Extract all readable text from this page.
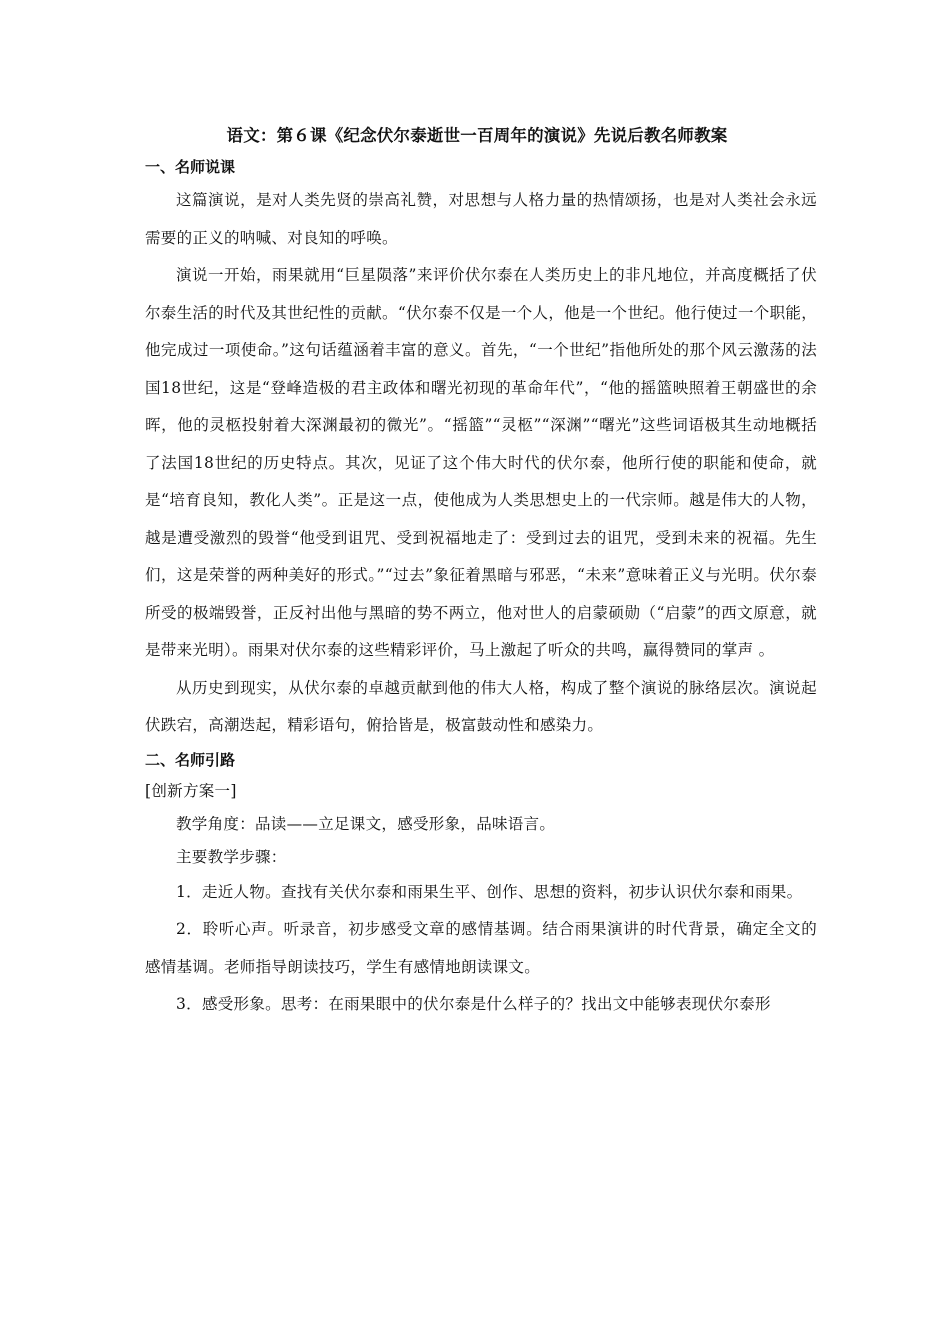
语文：第６课《纪念伏尔泰逝世一百周年的演说》先说后教名师教案
一、名师说课

这篇演说，是对人类先贤的崇高礼赞，对思想与人格力量的热情颂扬，也是对人类社会永远需要的正义的呐喊、对良知的呼唤。

演说一开始，雨果就用“巨星陨落”来评价伏尔泰在人类历史上的非凡地位，并高度概括了伏尔泰生活的时代及其世纪性的贡献。“伏尔泰不仅是一个人，他是一个世纪。他行使过一个职能，他完成过一项使命。”这句话蕴涵着丰富的意义。首先，“一个世纪”指他所处的那个风云激荡的法国18世纪，这是“登峰造极的君主政体和曙光初现的革命年代”，“他的摇篮映照着王朝盛世的余晖，他的灵柩投射着大深渊最初的微光”。“摇篮”“灵柩”“深渊”“曙光”这些词语极其生动地概括了法国18世纪的历史特点。其次，见证了这个伟大时代的伏尔泰，他所行使的职能和使命，就是“培育良知，教化人类”。正是这一点，使他成为人类思想史上的一代宗师。越是伟大的人物，越是遭受激烈的毁誉“他受到诅咒、受到祝福地走了：受到过去的诅咒，受到未来的祝福。先生们，这是荣誉的两种美好的形式。”“过去”象征着黑暗与邪恶，“未来”意味着正义与光明。伏尔泰所受的极端毁誉，正反衬出他与黑暗的势不两立，他对世人的启蒙硕勋（“启蒙”的西文原意，就是带来光明）。雨果对伏尔泰的这些精彩评价，马上激起了听众的共鸣，赢得赞同的掌声 。

从历史到现实，从伏尔泰的卓越贡献到他的伟大人格，构成了整个演说的脉络层次。演说起伏跌宕，高潮迭起，精彩语句，俯拾皆是，极富鼓动性和感染力。

二、名师引路

[创新方案一]

教学角度：品读——立足课文，感受形象，品味语言。

主要教学步骤：

1．走近人物。查找有关伏尔泰和雨果生平、创作、思想的资料，初步认识伏尔泰和雨果。

2．聆听心声。听录音，初步感受文章的感情基调。结合雨果演讲的时代背景，确定全文的感情基调。老师指导朗读技巧，学生有感情地朗读课文。

3．感受形象。思考：在雨果眼中的伏尔泰是什么样子的？找出文中能够表现伏尔泰形
